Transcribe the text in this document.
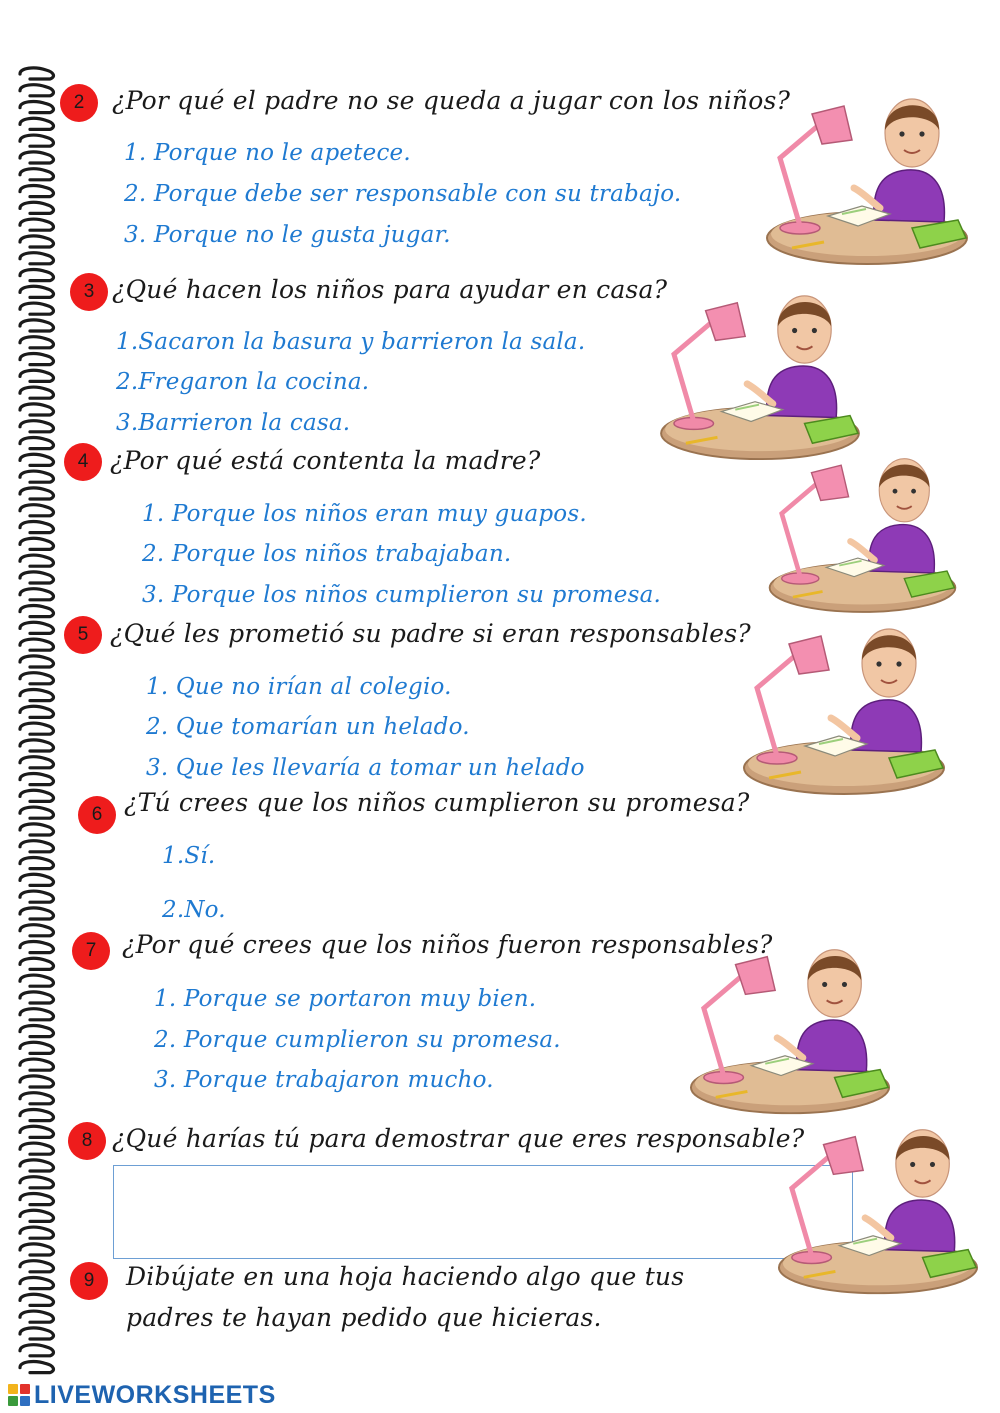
2 ¿Por qué el padre no se queda a jugar con los niños?
1. Porque no le apetece.
2. Porque debe ser responsable con su trabajo.
3. Porque no le gusta jugar.
3 ¿Qué hacen los niños para ayudar en casa?
1.Sacaron la basura y barrieron la sala.
2.Fregaron la cocina.
3.Barrieron la casa.
4 ¿Por qué está contenta la madre?
1. Porque los niños eran muy guapos.
2. Porque los niños trabajaban.
3. Porque los niños cumplieron su promesa.
5 ¿Qué les prometió su padre si eran responsables?
1. Que no irían al colegio.
2. Que tomarían un helado.
3. Que les llevaría a tomar un helado
6 ¿Tú crees que los niños cumplieron su promesa?
1.Sí.
2.No.
7 ¿Por qué crees que los niños fueron responsables?
1. Porque se portaron muy bien.
2. Porque cumplieron su promesa.
3. Porque trabajaron mucho.
8 ¿Qué harías tú para demostrar que eres responsable?
9 Dibújate en una hoja haciendo algo que tus
padres te hayan pedido que hicieras.
LIVEWORKSHEETS
